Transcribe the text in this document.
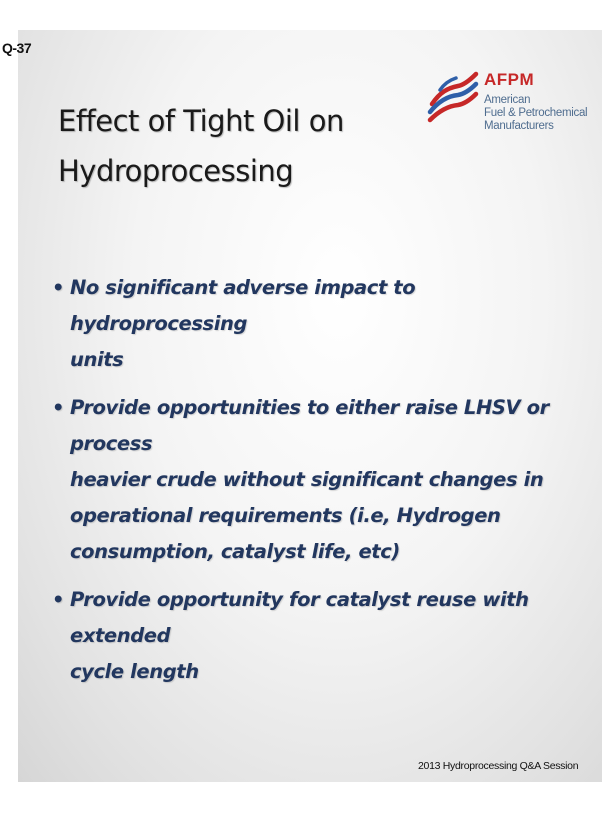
Q-37
Effect of Tight Oil on
Hydroprocessing
AFPM
American
Fuel & Petrochemical
Manufacturers
• No significant adverse impact to hydroprocessing
units
• Provide opportunities to either raise LHSV or process
heavier crude without significant changes in
operational requirements (i.e, Hydrogen
consumption, catalyst life, etc)
• Provide opportunity for catalyst reuse with extended
cycle length
2013 Hydroprocessing Q&A Session
